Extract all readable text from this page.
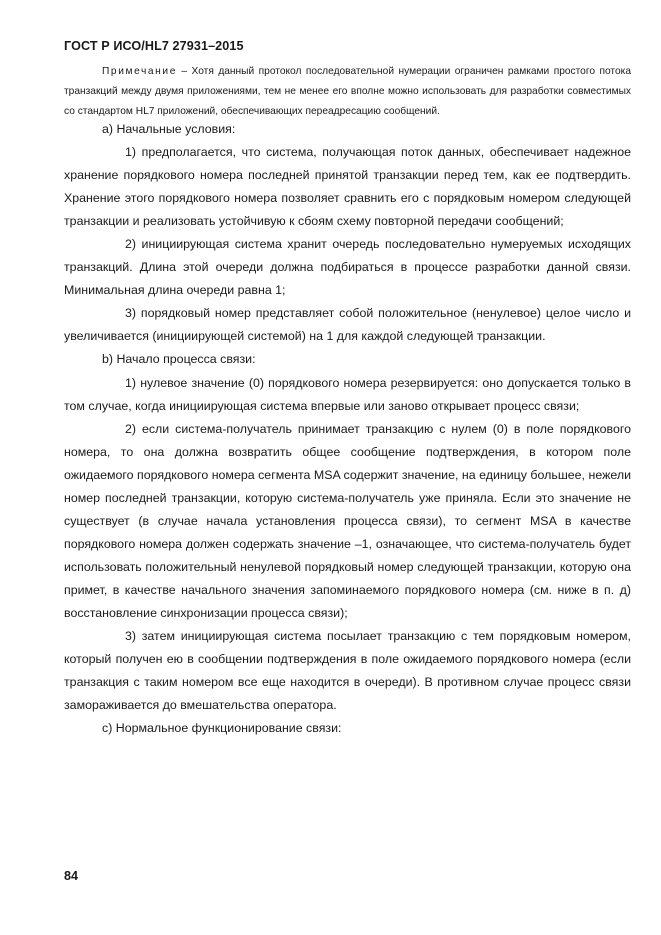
ГОСТ Р ИСО/HL7 27931–2015
Примечание – Хотя данный протокол последовательной нумерации ограничен рамками простого потока транзакций между двумя приложениями, тем не менее его вполне можно использовать для разработки совместимых со стандартом HL7 приложений, обеспечивающих переадресацию сообщений.

а) Начальные условия:

1) предполагается, что система, получающая поток данных, обеспечивает надежное хранение порядкового номера последней принятой транзакции перед тем, как ее подтвердить. Хранение этого порядкового номера позволяет сравнить его с порядковым номером следующей транзакции и реализовать устойчивую к сбоям схему повторной передачи сообщений;

2) инициирующая система хранит очередь последовательно нумеруемых исходящих транзакций. Длина этой очереди должна подбираться в процессе разработки данной связи. Минимальная длина очереди равна 1;

3) порядковый номер представляет собой положительное (ненулевое) целое число и увеличивается (инициирующей системой) на 1 для каждой следующей транзакции.

b) Начало процесса связи:

1) нулевое значение (0) порядкового номера резервируется: оно допускается только в том случае, когда инициирующая система впервые или заново открывает процесс связи;

2) если система-получатель принимает транзакцию с нулем (0) в поле порядкового номера, то она должна возвратить общее сообщение подтверждения, в котором поле ожидаемого порядкового номера сегмента MSA содержит значение, на единицу большее, нежели номер последней транзакции, которую система-получатель уже приняла. Если это значение не существует (в случае начала установления процесса связи), то сегмент MSA в качестве порядкового номера должен содержать значение –1, означающее, что система-получатель будет использовать положительный ненулевой порядковый номер следующей транзакции, которую она примет, в качестве начального значения запоминаемого порядкового номера (см. ниже в п. д) восстановление синхронизации процесса связи);

3) затем инициирующая система посылает транзакцию с тем порядковым номером, который получен ею в сообщении подтверждения в поле ожидаемого порядкового номера (если транзакция с таким номером все еще находится в очереди). В противном случае процесс связи замораживается до вмешательства оператора.

с) Нормальное функционирование связи:

84
